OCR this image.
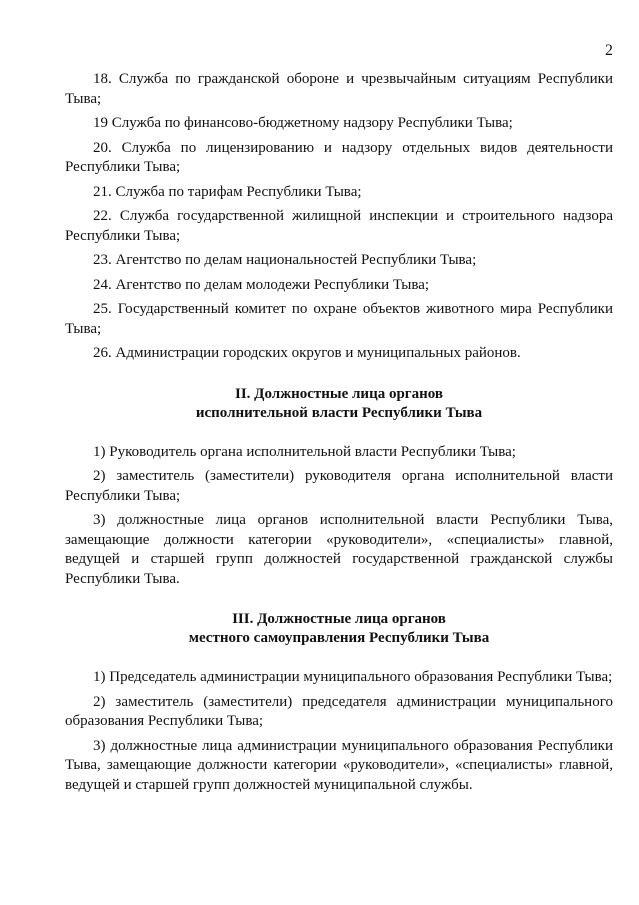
2

18. Служба по гражданской обороне и чрезвычайным ситуациям Республики Тыва;

19 Служба по финансово-бюджетному надзору Республики Тыва;

20. Служба по лицензированию и надзору отдельных видов деятельности Республики Тыва;

21. Служба по тарифам Республики Тыва;

22. Служба государственной жилищной инспекции и строительного надзора Республики Тыва;

23. Агентство по делам национальностей Республики Тыва;

24. Агентство по делам молодежи Республики Тыва;

25. Государственный комитет по охране объектов животного мира Республики Тыва;

26. Администрации городских округов и муниципальных районов.

II. Должностные лица органов
исполнительной власти Республики Тыва

1) Руководитель органа исполнительной власти Республики Тыва;

2) заместитель (заместители) руководителя органа исполнительной власти Республики Тыва;

3) должностные лица органов исполнительной власти Республики Тыва, замещающие должности категории «руководители», «специалисты» главной, ведущей и старшей групп должностей государственной гражданской службы Республики Тыва.

III. Должностные лица органов
местного самоуправления Республики Тыва

1) Председатель администрации муниципального образования Республики Тыва;

2) заместитель (заместители) председателя администрации муниципального образования Республики Тыва;

3) должностные лица администрации муниципального образования Республики Тыва, замещающие должности категории «руководители», «специалисты» главной, ведущей и старшей групп должностей муниципальной службы.
